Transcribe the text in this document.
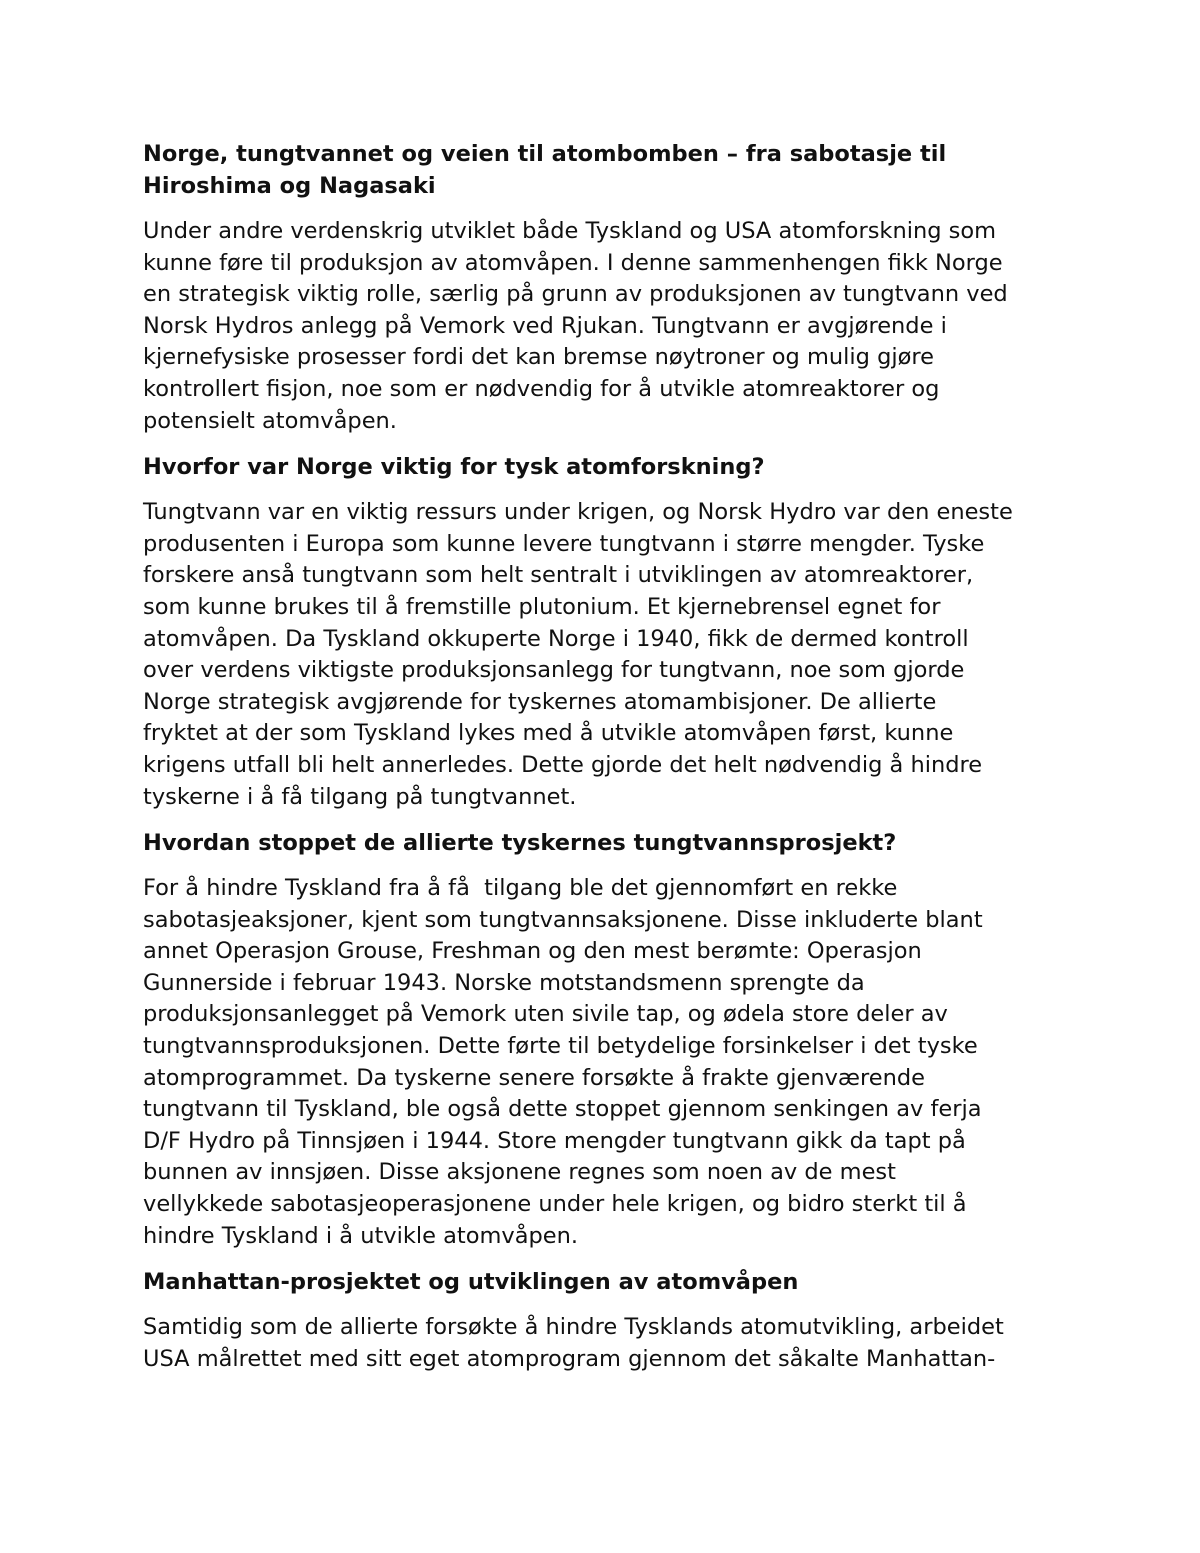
Norge, tungtvannet og veien til atombomben – fra sabotasje til
Hiroshima og Nagasaki
Under andre verdenskrig utviklet både Tyskland og USA atomforskning som
kunne føre til produksjon av atomvåpen. I denne sammenhengen fikk Norge
en strategisk viktig rolle, særlig på grunn av produksjonen av tungtvann ved
Norsk Hydros anlegg på Vemork ved Rjukan. Tungtvann er avgjørende i
kjernefysiske prosesser fordi det kan bremse nøytroner og mulig gjøre
kontrollert fisjon, noe som er nødvendig for å utvikle atomreaktorer og
potensielt atomvåpen.
Hvorfor var Norge viktig for tysk atomforskning?
Tungtvann var en viktig ressurs under krigen, og Norsk Hydro var den eneste
produsenten i Europa som kunne levere tungtvann i større mengder. Tyske
forskere anså tungtvann som helt sentralt i utviklingen av atomreaktorer,
som kunne brukes til å fremstille plutonium. Et kjernebrensel egnet for
atomvåpen. Da Tyskland okkuperte Norge i 1940, fikk de dermed kontroll
over verdens viktigste produksjonsanlegg for tungtvann, noe som gjorde
Norge strategisk avgjørende for tyskernes atomambisjoner. De allierte
fryktet at der som Tyskland lykes med å utvikle atomvåpen først, kunne
krigens utfall bli helt annerledes. Dette gjorde det helt nødvendig å hindre
tyskerne i å få tilgang på tungtvannet.
Hvordan stoppet de allierte tyskernes tungtvannsprosjekt?
For å hindre Tyskland fra å få  tilgang ble det gjennomført en rekke
sabotasjeaksjoner, kjent som tungtvannsaksjonene. Disse inkluderte blant
annet Operasjon Grouse, Freshman og den mest berømte: Operasjon
Gunnerside i februar 1943. Norske motstandsmenn sprengte da
produksjonsanlegget på Vemork uten sivile tap, og ødela store deler av
tungtvannsproduksjonen. Dette førte til betydelige forsinkelser i det tyske
atomprogrammet. Da tyskerne senere forsøkte å frakte gjenværende
tungtvann til Tyskland, ble også dette stoppet gjennom senkingen av ferja
D/F Hydro på Tinnsjøen i 1944. Store mengder tungtvann gikk da tapt på
bunnen av innsjøen. Disse aksjonene regnes som noen av de mest
vellykkede sabotasjeoperasjonene under hele krigen, og bidro sterkt til å
hindre Tyskland i å utvikle atomvåpen.
Manhattan-prosjektet og utviklingen av atomvåpen
Samtidig som de allierte forsøkte å hindre Tysklands atomutvikling, arbeidet
USA målrettet med sitt eget atomprogram gjennom det såkalte Manhattan-
